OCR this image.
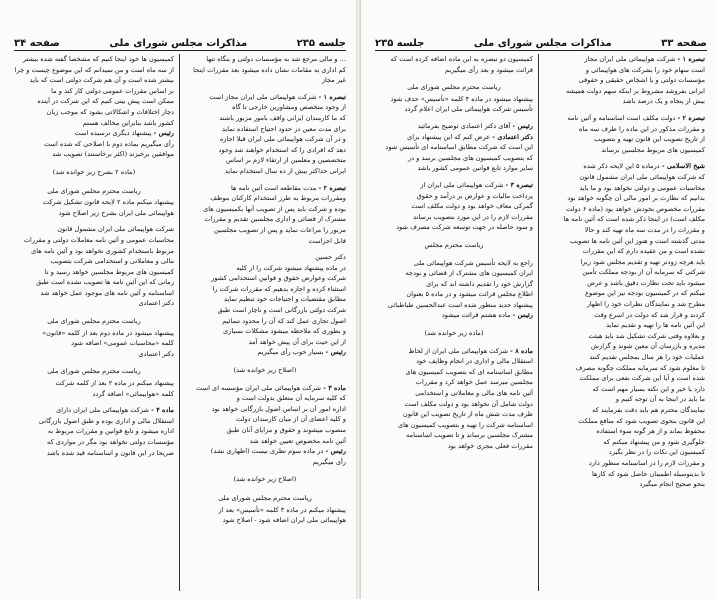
صفحه ۳۴	مذاکرات مجلس شورای ملی	جلسه ۲۳۵
کمیسیون ها خود اینجا کنیم که مشخصا گفته شده بیشتر
از سه ماه است و من نمیدانم که این موضوع چیست و چرا
بیشتر شده است و آن هم شرکت دولتی است که باید
بر اساس مقررات عمومی دولتی کار کند و ما
ممکن است پیش بینی کنیم که این شرکت در آینده
دچار اختلافات و اشکالاتی بشود که موجب زیان
کشور باشد بنابراین مخالف هستم
رئیس - پیشنهاد دیگری نرسیده است
رأی میگیریم بماده دوم با اصلاحی که شده است
موافقین برخیزند (اکثر برخاستند) تصویب شد
(ماده ۲ بشرح زیر خوانده شد)
ریاست محترم مجلس شورای ملی
پیشنهاد میکنم ماده ۲ لایحه قانون تشکیل شرکت
هواپیمائی ملی ایران بشرح زیر اصلاح شود
شرکت هواپیمائی ملی ایران مشمول قانون
محاسبات عمومی و آئین نامه معاملات دولتی و مقررات
مربوط باستخدام کشوری نخواهد بود و آئین نامه های
مالی و معاملاتی و استخدامی شرکت بتصویب
کمیسیون های مربوط مجلسین خواهد رسید و تا
زمانی که این آئین نامه ها تصویب نشده است طبق
اساسنامه و آئین نامه های موجود عمل خواهد شد
دکتر اعتمادی
ریاست محترم مجلس شورای ملی
پیشنهاد میشود در ماده دوم بعد از کلمه «قانون»
کلمه «محاسبات عمومی» اضافه شود
دکتر اعتمادی
ریاست محترم مجلس شورای ملی
پیشنهاد میکنم در ماده ۲ بعد از کلمه شرکت
کلمه «هواپیمائی» اضافه گردد
ماده ۴ - شرکت هواپیمائی ملی ایران دارای
استقلال مالی و اداری بوده و طبق اصول بازرگانی
اداره میشود و تابع قوانین و مقررات مربوط به
مؤسسات دولتی نخواهد بود مگر در مواردی که
صریحا در این قانون و اساسنامه قید شده باشد
... و مالی مرجع شد به مؤسسات دولتی و بنگاه تنها
کم اداری به مقامات نشان داده میشود بعد مقررات اینجا
غیر مجاز
تبصره ۱ - شرکت هواپیمائی ملی ایران مجاز است
از وجود متخصص ومشاورین خارجی تا گاه
که ما کارمندان ایرانی واقف بامور مزبور باشند
برای مدت معین در حدود احتیاج استفاده نماید
و در آن شرکت هواپیمائی ملی ایران قبلا اجازه
دهد که افرادی را که استخدام خواهند شد وجود
متخصصین و معلمین از ارتقاء لازم بر اساس
ایرانی حداکثر بیش از ده سال استخدام نماید
تبصره ۲ - مدت مقاطعه است آئین نامه ها
ومقررات مربوط به طرز استخدام کارکنان موظف
بوده و شرکت باید پس از تصویب آنها بکمیسیون های
مشترک از قضائی و اداری مجلسین تقدیم و مقررات
مزبور را مراعات نماید و پس از تصویب مجلسین
قابل اجراست
دکتر حسین
در ماده پیشنهاد میشود شرکت را از کلیه
شرکت وعوارض حقوق و قوانین استخدامی کشور
استثناء کرده و اجازه بدهیم که مقررات شرکت را
مطابق مقتضیات و احتیاجات خود تنظیم نماید
شرکت دولتی بازرگانی است و ناچار است طبق
اصول تجاری عمل کند که آن را محدود ننمائیم
و بطوری که ملاحظه میشود مشکلات بسیاری
از این حیث برای آن پیش خواهد آمد
رئیس - بسیار خوب رأی میگیریم
(اصلاح زیر خوانده شد)
ماده ۳ - شرکت هواپیمائی ملی ایران مؤسسه ای است
که کلیه سرمایه آن متعلق بدولت است و
اداره امور آن بر اساس اصول بازرگانی خواهد بود
و کلیه اعضای آن از میان کارمندان دولت
منصوب میشوند و حقوق و مزایای آنان طبق
آئین نامه مخصوص تعیین خواهد شد
رئیس - در ماده سوم نظری نیست (اظهاری نشد)
رأی میگیریم
(اصلاح زیر خوانده شد)
ریاست محترم مجلس شورای ملی
پیشنهاد میکنم در ماده ۳ کلمه «تأسیس» بعد از
هواپیمائی ملی ایران اضافه شود - اصلاح شود
جلسه ۲۳۵	مذاکرات مجلس شورای ملی	صفحه ۳۳
کمیسیون دو تبصره به این ماده اضافه کرده است که
قرائت میشود و بعد رأی میگیریم
ریاست محترم مجلس شورای ملی
پیشنهاد میشود در ماده ۴ کلمه «تأسیس» حذف شود
تأسیس شرکت هواپیمائی ملی ایران اعلام گردد
رئیس - آقای دکتر اعتمادی توضیح بفرمائید
دکتر اعتمادی - عرض کنم که این پیشنهاد برای
این است که شرکت مطابق اساسنامه ای تأسیس شود
که بتصویب کمیسیون های مجلسین برسد و در
سایر موارد تابع قوانین عمومی کشور باشد
تبصره ۳ - شرکت هواپیمائی ملی ایران از
پرداخت مالیات و عوارض بر درآمد و حقوق
گمرکی معاف خواهد بود و دولت مکلف است
مقررات لازم را در این مورد بتصویب برساند
و سود حاصله در جهت توسعه شرکت مصرف شود
ریاست محترم مجلس
راجع به لایحه تأسیس شرکت هواپیمائی ملی
ایران کمیسیون های مشترک از قضائی و بودجه
گزارش خود را تقدیم داشته اند که برای
اطلاع مجلس قرائت میشود و در ماده ۵ بعنوان
پیشنهاد جدید منظور شده است عبدالحسین طباطبائی
رئیس - ماده هشتم قرائت میشود
(ماده زیر خوانده شد)
ماده ۸ - شرکت هواپیمائی ملی ایران از لحاظ
استقلال مالی و اداری در انجام وظایف خود
مطابق اساسنامه ای که بتصویب کمیسیون های
مجلسین میرسد عمل خواهد کرد و مقررات
آئین نامه های مالی و معاملاتی و استخدامی
دولت شامل آن نخواهد بود و دولت مکلف است
ظرف مدت شش ماه از تاریخ تصویب این قانون
اساسنامه شرکت را تهیه و بتصویب کمیسیون های
مشترک مجلسین برساند و تا تصویب اساسنامه
مقررات فعلی مجری خواهد بود
تبصره ۱ - شرکت هواپیمائی ملی ایران مجاز
است سهام خود را بشرکت های هواپیمائی و
مؤسسات دولتی و یا اشخاص حقیقی و حقوقی
ایرانی بفروشد مشروط بر اینکه سهم دولت همیشه
بیش از پنجاه و یک درصد باشد
تبصره ۲ - دولت مکلف است اساسنامه و آئین نامه
و مقررات مذکور در این ماده را ظرف سه ماه
از تاریخ تصویب این قانون تهیه و بتصویب
کمیسیون های مربوط مجلسین برساند
شیخ الاسلامی - درماده ۵ این لایحه ذکر شده
که شرکت هواپیمائی ملی ایران مشمول قانون
محاسبات عمومی و دولتی نخواهد بود و ما باید
بدانیم که نظارت بر امور مالی آن چگونه خواهد بود
مقررات مخصوص بخودش خواهد بود (ماده ۶ دولت
مکلف است) در اینجا ذکر شده است که آئین نامه ها
و مقررات را در مدت سه ماه تهیه کند و حالا
مدتی گذشته است و هنوز این آئین نامه ها تصویب
نشده است و من عقیده دارم که این مقررات
باید هرچه زودتر تهیه و تقدیم مجلس شود زیرا
شرکتی که سرمایه آن از بودجه مملکت تأمین
میشود باید تحت نظارت دقیق باشد و عرض
میکنم که در کمیسیون بودجه نیز این موضوع
مطرح شد و نمایندگان نظرات خود را اظهار
کردند و قرار شد که دولت در اسرع وقت
این آئین نامه ها را تهیه و تقدیم نماید
و بعلاوه وقتی شرکت تشکیل شد باید هیئت
مدیره و بازرسان آن معین شوند و گزارش
عملیات خود را هر سال بمجلس تقدیم کنند
تا معلوم شود که سرمایه مملکت چگونه مصرف
شده است و آیا این شرکت نفعی برای مملکت
دارد یا خیر و این نکته بسیار مهم است که
ما باید در اینجا به آن توجه کنیم و
نمایندگان محترم هم باید دقت بفرمایند که
این قانون بنحوی تصویب شود که منافع مملکت
محفوظ بماند و از هر گونه سوء استفاده
جلوگیری شود و من پیشنهاد میکنم که
کمیسیون این نکات را در نظر بگیرد
و مقررات لازم را در اساسنامه منظور دارد
تا بدینوسیله اطمینان حاصل شود که کارها
بنحو صحیح انجام میگیرد
